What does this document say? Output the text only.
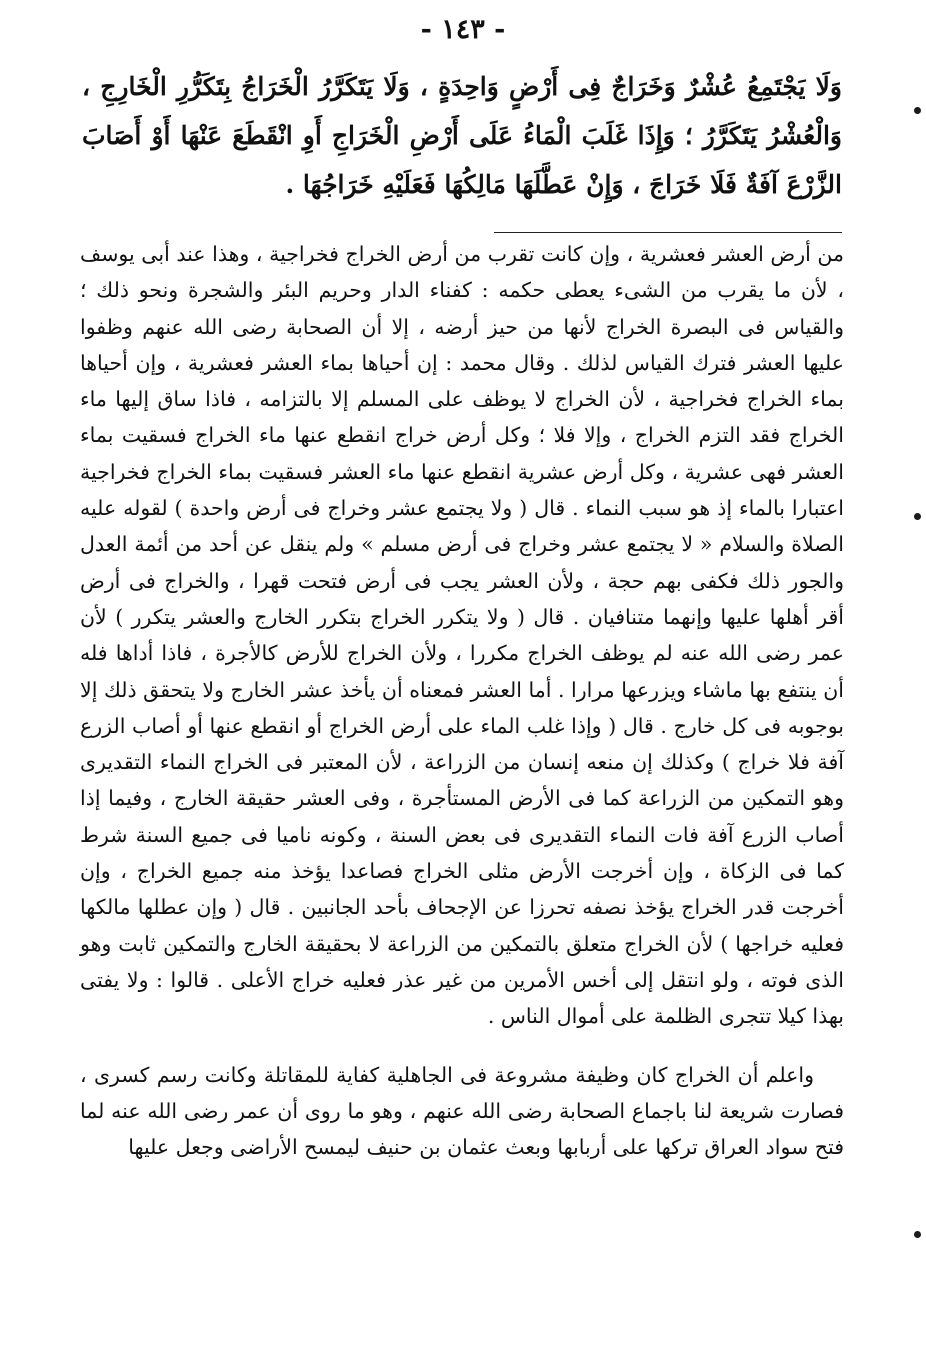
- ١٤٣ -
وَلَا يَجْتَمِعُ عُشْرٌ وَخَرَاجٌ فِى أَرْضٍ وَاحِدَةٍ ، وَلَا يَتَكَرَّرُ الْخَرَاجُ بِتَكَرُّرِ الْخَارِجِ ، وَالْعُشْرُ يَتَكَرَّرُ ؛ وَإِذَا غَلَبَ الْمَاءُ عَلَى أَرْضِ الْخَرَاجِ أَوِ انْقَطَعَ عَنْهَا أَوْ أَصَابَ الزَّرْعَ آفَةٌ فَلَا خَرَاجَ ، وَإِنْ عَطَّلَهَا مَالِكُهَا فَعَلَيْهِ خَرَاجُهَا .

من أرض العشر فعشرية ، وإن كانت تقرب من أرض الخراج فخراجية ، وهذا عند أبى يوسف ، لأن ما يقرب من الشىء يعطى حكمه : كفناء الدار وحريم البئر والشجرة ونحو ذلك ؛ والقياس فى البصرة الخراج لأنها من حيز أرضه ، إلا أن الصحابة رضى الله عنهم وظفوا عليها العشر فترك القياس لذلك . وقال محمد : إن أحياها بماء العشر فعشرية ، وإن أحياها بماء الخراج فخراجية ، لأن الخراج لا يوظف على المسلم إلا بالتزامه ، فاذا ساق إليها ماء الخراج فقد التزم الخراج ، وإلا فلا ؛ وكل أرض خراج انقطع عنها ماء الخراج فسقيت بماء العشر فهى عشرية ، وكل أرض عشرية انقطع عنها ماء العشر فسقيت بماء الخراج فخراجية اعتبارا بالماء إذ هو سبب النماء . قال ( ولا يجتمع عشر وخراج فى أرض واحدة ) لقوله عليه الصلاة والسلام « لا يجتمع عشر وخراج فى أرض مسلم » ولم ينقل عن أحد من أئمة العدل والجور ذلك فكفى بهم حجة ، ولأن العشر يجب فى أرض فتحت قهرا ، والخراج فى أرض أقر أهلها عليها وإنهما متنافيان . قال ( ولا يتكرر الخراج بتكرر الخارج والعشر يتكرر ) لأن عمر رضى الله عنه لم يوظف الخراج مكررا ، ولأن الخراج للأرض كالأجرة ، فاذا أداها فله أن ينتفع بها ماشاء ويزرعها مرارا . أما العشر فمعناه أن يأخذ عشر الخارج ولا يتحقق ذلك إلا بوجوبه فى كل خارج . قال ( وإذا غلب الماء على أرض الخراج أو انقطع عنها أو أصاب الزرع آفة فلا خراج ) وكذلك إن منعه إنسان من الزراعة ، لأن المعتبر فى الخراج النماء التقديرى وهو التمكين من الزراعة كما فى الأرض المستأجرة ، وفى العشر حقيقة الخارج ، وفيما إذا أصاب الزرع آفة فات النماء التقديرى فى بعض السنة ، وكونه ناميا فى جميع السنة شرط كما فى الزكاة ، وإن أخرجت الأرض مثلى الخراج فصاعدا يؤخذ منه جميع الخراج ، وإن أخرجت قدر الخراج يؤخذ نصفه تحرزا عن الإجحاف بأحد الجانبين . قال ( وإن عطلها مالكها فعليه خراجها ) لأن الخراج متعلق بالتمكين من الزراعة لا بحقيقة الخارج والتمكين ثابت وهو الذى فوته ، ولو انتقل إلى أخس الأمرين من غير عذر فعليه خراج الأعلى . قالوا : ولا يفتى بهذا كيلا تتجرى الظلمة على أموال الناس .

واعلم أن الخراج كان وظيفة مشروعة فى الجاهلية كفاية للمقاتلة وكانت رسم كسرى ، فصارت شريعة لنا باجماع الصحابة رضى الله عنهم ، وهو ما روى أن عمر رضى الله عنه لما فتح سواد العراق تركها على أربابها وبعث عثمان بن حنيف ليمسح الأراضى وجعل عليها
